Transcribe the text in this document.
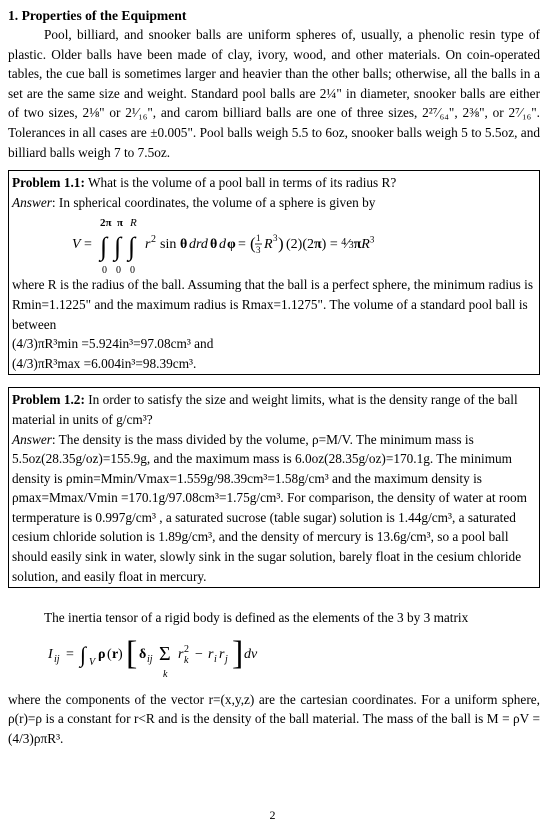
1. Properties of the Equipment

Pool, billiard, and snooker balls are uniform spheres of, usually, a phenolic resin type of plastic. Older balls have been made of clay, ivory, wood, and other materials. On coin-operated tables, the cue ball is sometimes larger and heavier than the other balls; otherwise, all the balls in a set are the same size and weight. Standard pool balls are 2¼" in diameter, snooker balls are either of two sizes, 2⅛" or 2¹⁄₁₆", and carom billiard balls are one of three sizes, 2²⁷⁄₆₄", 2⅜", or 2⁷⁄₁₆". Tolerances in all cases are ±0.005". Pool balls weigh 5.5 to 6oz, snooker balls weigh 5 to 5.5oz, and billiard balls weigh 7 to 7.5oz.

Problem 1.1: What is the volume of a pool ball in terms of its radius R?

Answer: In spherical coordinates, the volume of a sphere is given by

V =
2π π R
∫ ∫ ∫
0 0 0
r 2 sin θ drd θ d φ = ( 1
3 R 3 ) $(2)(2\pi) = ^4⁄3\pi R^3$

where R is the radius of the ball. Assuming that the ball is a perfect sphere, the minimum radius is Rmin=1.1225" and the maximum radius is Rmax=1.1275". The volume of a standard pool ball is between

(4/3)πR³min =5.924in³=97.08cm³ and

(4/3)πR³max =6.004in³=98.39cm³.

Problem 1.2: In order to satisfy the size and weight limits, what is the density range of the ball material in units of g/cm³?

Answer: The density is the mass divided by the volume, ρ=M/V. The minimum mass is 5.5oz(28.35g/oz)=155.9g, and the maximum mass is 6.0oz(28.35g/oz)=170.1g. The minimum density is ρmin=Mmin/Vmax=1.559g/98.39cm³=1.58g/cm³ and the maximum density is ρmax=Mmax/Vmin =170.1g/97.08cm³=1.75g/cm³. For comparison, the density of water at room termperature is 0.997g/cm³ , a saturated sucrose (table sugar) solution is 1.44g/cm³, a saturated cesium chloride solution is 1.89g/cm³, and the density of mercury is 13.6g/cm³, so a pool ball should easily sink in water, slowly sink in the sugar solution, barely float in the cesium chloride solution, and easily float in mercury.

The inertia tensor of a rigid body is defined as the elements of the 3 by 3 matrix

I ij = ∫ V
ρ ( r ) [ δ ij Σ
k
r 2
k − r i r j ] dv

where the components of the vector r=(x,y,z) are the cartesian coordinates. For a uniform sphere, ρ(r)=ρ is a constant for r<R and is the density of the ball material. The mass of the ball is M = ρV = (4/3)ρπR³.

2
